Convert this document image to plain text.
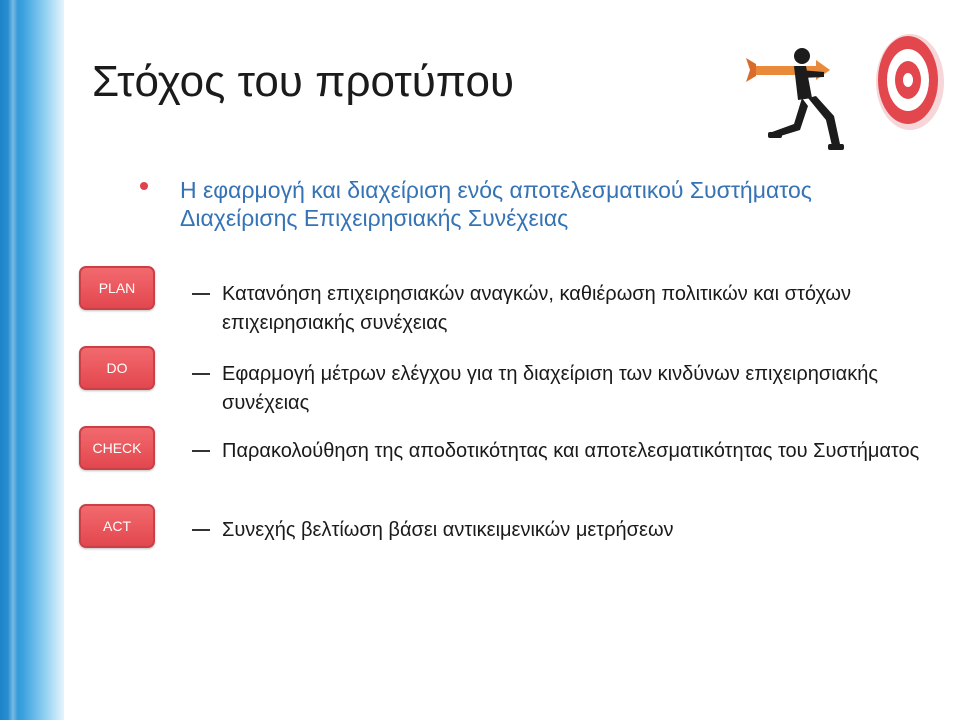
Στόχος του προτύπου
Η εφαρμογή και διαχείριση ενός αποτελεσματικού Συστήματος Διαχείρισης Επιχειρησιακής Συνέχειας
Κατανόηση επιχειρησιακών αναγκών, καθιέρωση πολιτικών και στόχων επιχειρησιακής συνέχειας
Εφαρμογή μέτρων ελέγχου για τη διαχείριση των κινδύνων επιχειρησιακής συνέχειας
Παρακολούθηση της αποδοτικότητας και αποτελεσματικότητας του Συστήματος
Συνεχής βελτίωση βάσει αντικειμενικών μετρήσεων
PLAN
DO
CHECK
ACT
